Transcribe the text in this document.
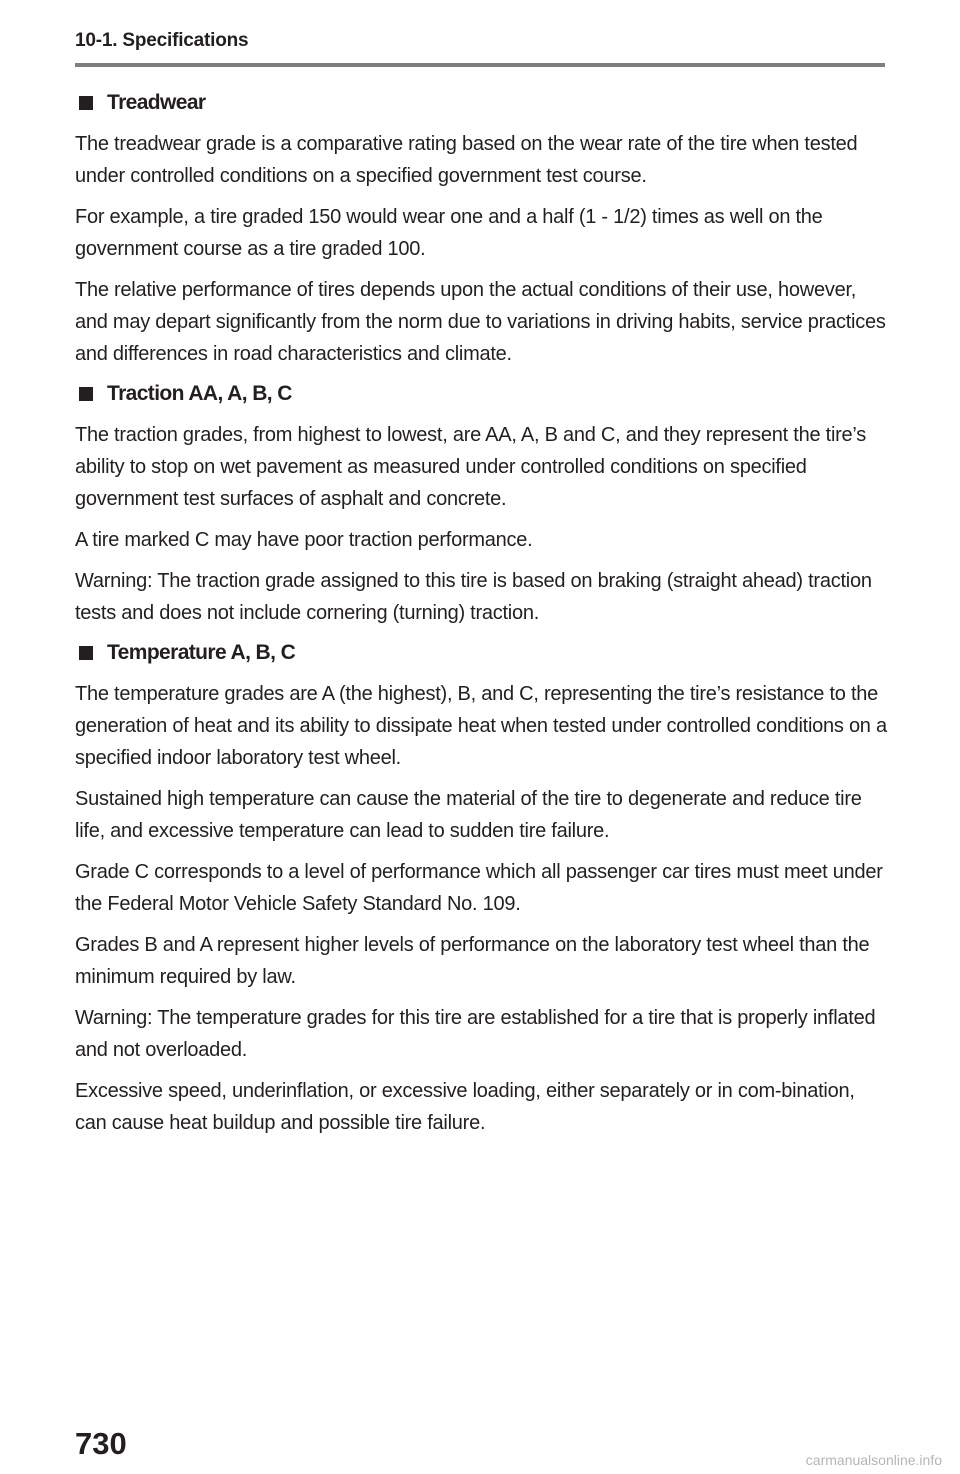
10-1. Specifications
Treadwear

The treadwear grade is a comparative rating based on the wear rate of the tire when tested under controlled conditions on a specified government test course.

For example, a tire graded 150 would wear one and a half (1 - 1/2) times as well on the government course as a tire graded 100.

The relative performance of tires depends upon the actual conditions of their use, however, and may depart significantly from the norm due to variations in driving habits, service practices and differences in road characteristics and climate.

Traction AA, A, B, C

The traction grades, from highest to lowest, are AA, A, B and C, and they represent the tire’s ability to stop on wet pavement as measured under controlled conditions on specified government test surfaces of asphalt and concrete.

A tire marked C may have poor traction performance.

Warning: The traction grade assigned to this tire is based on braking (straight ahead) traction tests and does not include cornering (turning) traction.

Temperature A, B, C

The temperature grades are A (the highest), B, and C, representing the tire’s resistance to the generation of heat and its ability to dissipate heat when tested under controlled conditions on a specified indoor laboratory test wheel.

Sustained high temperature can cause the material of the tire to degenerate and reduce tire life, and excessive temperature can lead to sudden tire failure.

Grade C corresponds to a level of performance which all passenger car tires must meet under the Federal Motor Vehicle Safety Standard No. 109.

Grades B and A represent higher levels of performance on the laboratory test wheel than the minimum required by law.

Warning: The temperature grades for this tire are established for a tire that is properly inflated and not overloaded.

Excessive speed, underinflation, or excessive loading, either separately or in com-bination, can cause heat buildup and possible tire failure.

730	carmanualsonline.info
